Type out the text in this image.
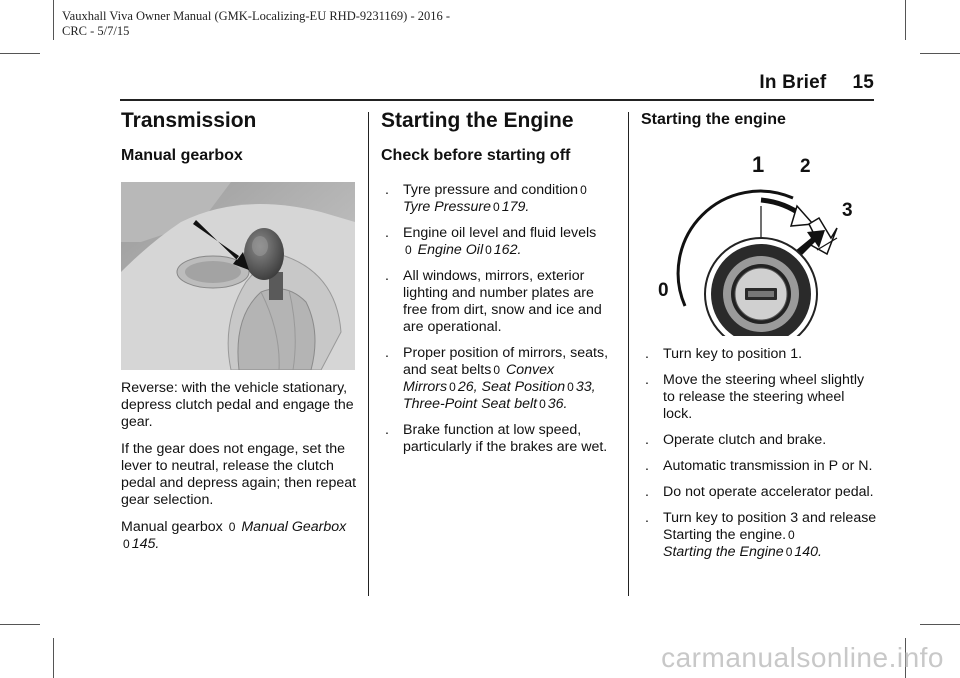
Vauxhall Viva Owner Manual (GMK-Localizing-EU RHD-9231169) - 2016 -
CRC - 5/7/15
In Brief 15
Transmission
Manual gearbox

Reverse: with the vehicle stationary, depress clutch pedal and engage the gear.

If the gear does not engage, set the lever to neutral, release the clutch pedal and depress again; then repeat gear selection.

Manual gearbox 0 Manual Gearbox 0 145.

Starting the Engine
Check before starting off
. Tyre pressure and condition 0
Tyre Pressure 0 179.
. Engine oil level and fluid levels
0 Engine Oil 0 162.
. All windows, mirrors, exterior lighting and number plates are free from dirt, snow and ice and are operational.
. Proper position of mirrors, seats, and seat belts 0 Convex Mirrors 0 26, Seat Position 0 33, Three-Point Seat belt 0 36.
. Brake function at low speed, particularly if the brakes are wet.
Starting the engine
. Turn key to position 1.
. Move the steering wheel slightly to release the steering wheel lock.
. Operate clutch and brake.
. Automatic transmission in P or N.
. Do not operate accelerator pedal.
. Turn key to position 3 and release Starting the engine. 0
Starting the Engine 0 140.
0
1 2
3
carmanualsonline.info
